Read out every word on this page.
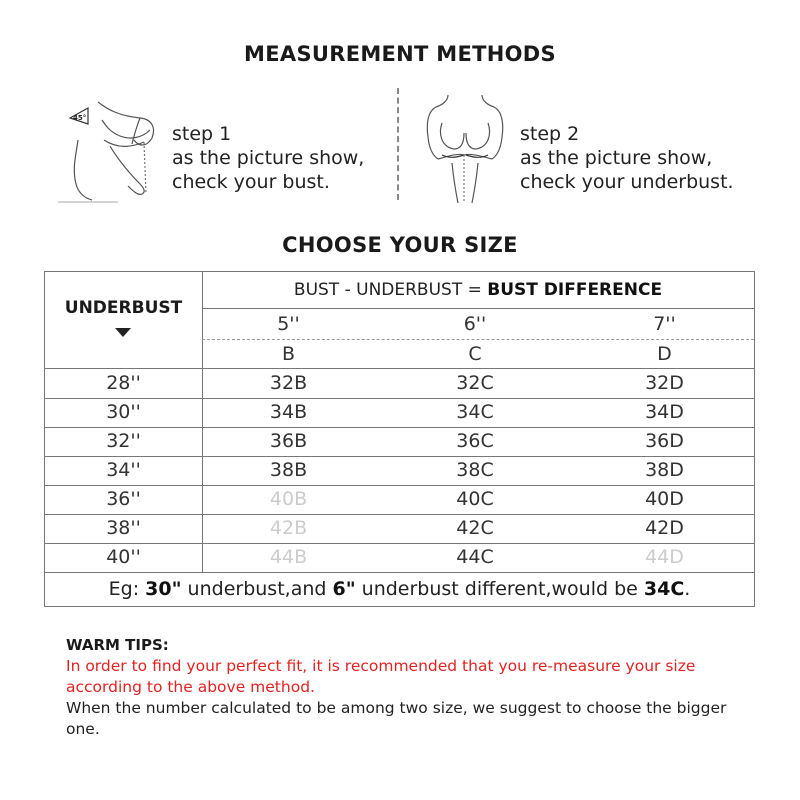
MEASUREMENT METHODS
45°
step 1
as the picture show,
check your bust.
step 2
as the picture show,
check your underbust.
CHOOSE YOUR SIZE
UNDERBUST
BUST - UNDERBUST = BUST DIFFERENCE
5''	6''	7''
B	C	D
28''	32B	32C	32D
30''	34B	34C	34D
32''	36B	36C	36D
34''	38B	38C	38D
36''	40B	40C	40D
38''	42B	42C	42D
40''	44B	44C	44D
Eg: 30" underbust,and 6" underbust different,would be 34C.
WARM TIPS:
In order to find your perfect fit, it is recommended that you re-measure your size according to the above method.
When the number calculated to be among two size, we suggest to choose the bigger one.
